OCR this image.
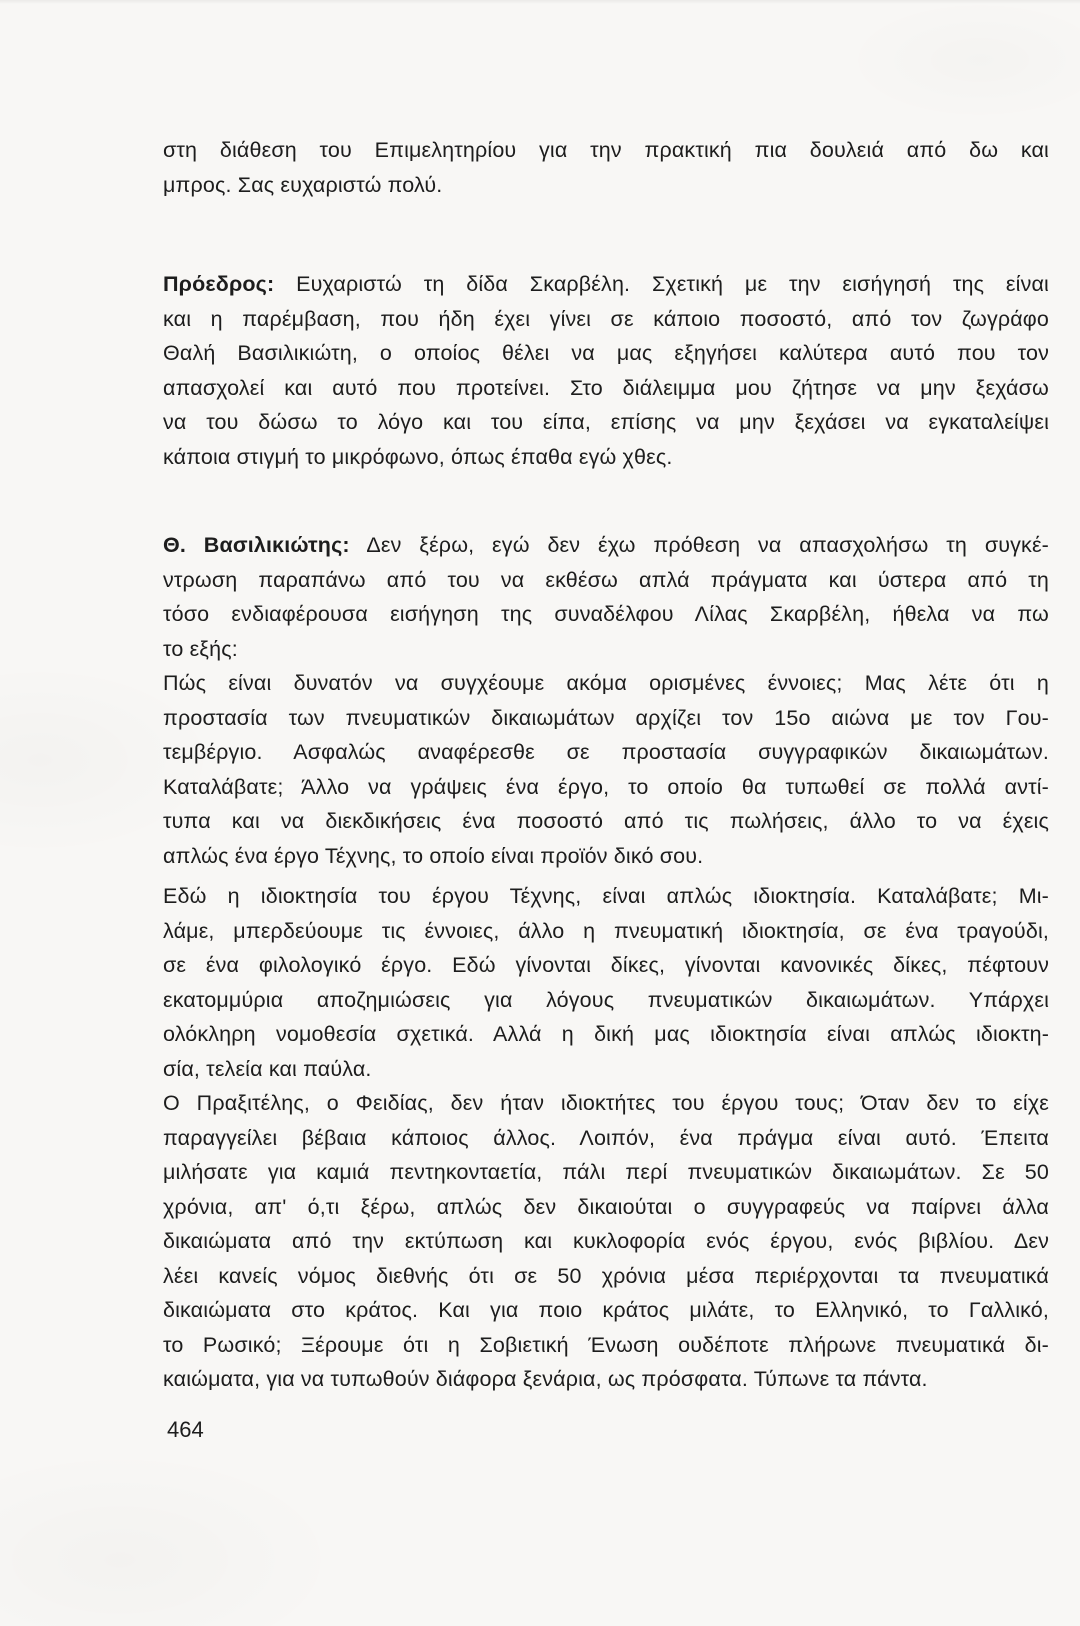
στη διάθεση του Επιμελητηρίου για την πρακτική πια δουλειά από δω και
μπρος. Σας ευχαριστώ πολύ.
Πρόεδρος: Ευχαριστώ τη δίδα Σκαρβέλη. Σχετική με την εισήγησή της είναι
και η παρέμβαση, που ήδη έχει γίνει σε κάποιο ποσοστό, από τον ζωγράφο
Θαλή Βασιλικιώτη, ο οποίος θέλει να μας εξηγήσει καλύτερα αυτό που τον
απασχολεί και αυτό που προτείνει. Στο διάλειμμα μου ζήτησε να μην ξεχάσω
να του δώσω το λόγο και του είπα, επίσης να μην ξεχάσει να εγκαταλείψει
κάποια στιγμή το μικρόφωνο, όπως έπαθα εγώ χθες.
Θ. Βασιλικιώτης: Δεν ξέρω, εγώ δεν έχω πρόθεση να απασχολήσω τη συγκέ-
ντρωση παραπάνω από του να εκθέσω απλά πράγματα και ύστερα από τη
τόσο ενδιαφέρουσα εισήγηση της συναδέλφου Λίλας Σκαρβέλη, ήθελα να πω
το εξής:
Πώς είναι δυνατόν να συγχέουμε ακόμα ορισμένες έννοιες; Μας λέτε ότι η
προστασία των πνευματικών δικαιωμάτων αρχίζει τον 15ο αιώνα με τον Γου-
τεμβέργιο. Ασφαλώς αναφέρεσθε σε προστασία συγγραφικών δικαιωμάτων.
Καταλάβατε; Άλλο να γράψεις ένα έργο, το οποίο θα τυπωθεί σε πολλά αντί-
τυπα και να διεκδικήσεις ένα ποσοστό από τις πωλήσεις, άλλο το να έχεις
απλώς ένα έργο Τέχνης, το οποίο είναι προϊόν δικό σου.
Εδώ η ιδιοκτησία του έργου Τέχνης, είναι απλώς ιδιοκτησία. Καταλάβατε; Μι-
λάμε, μπερδεύουμε τις έννοιες, άλλο η πνευματική ιδιοκτησία, σε ένα τραγούδι,
σε ένα φιλολογικό έργο. Εδώ γίνονται δίκες, γίνονται κανονικές δίκες, πέφτουν
εκατομμύρια αποζημιώσεις για λόγους πνευματικών δικαιωμάτων. Υπάρχει
ολόκληρη νομοθεσία σχετικά. Αλλά η δική μας ιδιοκτησία είναι απλώς ιδιοκτη-
σία, τελεία και παύλα.
Ο Πραξιτέλης, ο Φειδίας, δεν ήταν ιδιοκτήτες του έργου τους; Όταν δεν το είχε
παραγγείλει βέβαια κάποιος άλλος. Λοιπόν, ένα πράγμα είναι αυτό. Έπειτα
μιλήσατε για καμιά πεντηκονταετία, πάλι περί πνευματικών δικαιωμάτων. Σε 50
χρόνια, απ' ό,τι ξέρω, απλώς δεν δικαιούται ο συγγραφεύς να παίρνει άλλα
δικαιώματα από την εκτύπωση και κυκλοφορία ενός έργου, ενός βιβλίου. Δεν
λέει κανείς νόμος διεθνής ότι σε 50 χρόνια μέσα περιέρχονται τα πνευματικά
δικαιώματα στο κράτος. Και για ποιο κράτος μιλάτε, το Ελληνικό, το Γαλλικό,
το Ρωσικό; Ξέρουμε ότι η Σοβιετική Ένωση ουδέποτε πλήρωνε πνευματικά δι-
καιώματα, για να τυπωθούν διάφορα ξενάρια, ως πρόσφατα. Τύπωνε τα πάντα.
464
